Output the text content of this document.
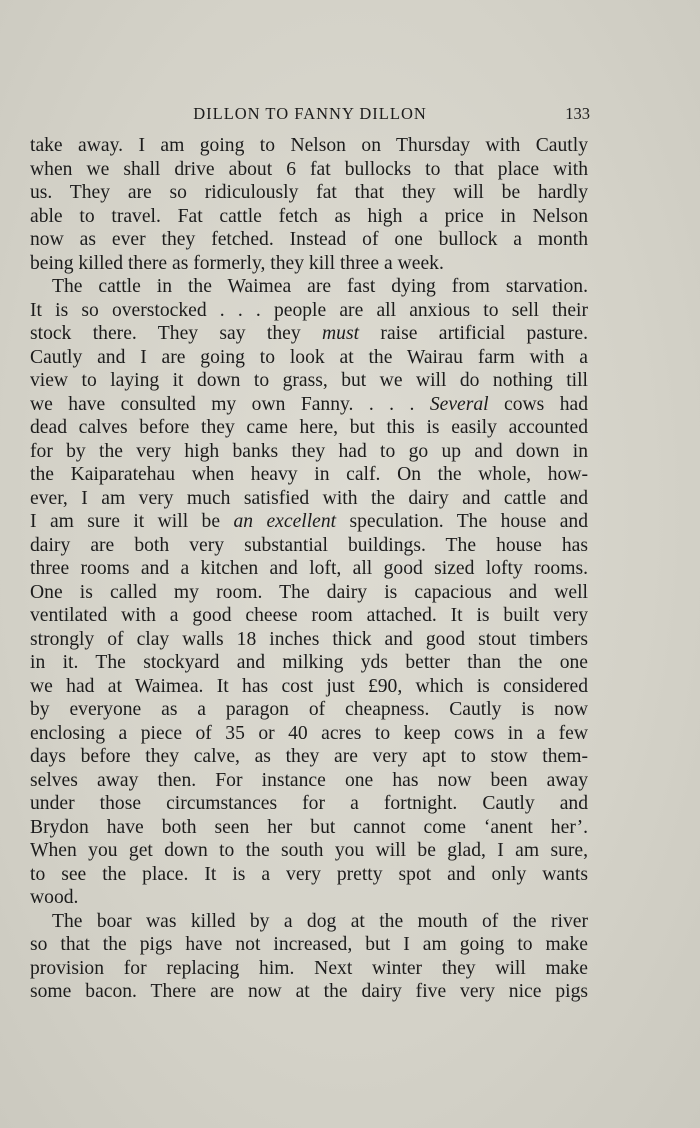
DILLON TO FANNY DILLON	133
take away. I am going to Nelson on Thursday with Cautly
when we shall drive about 6 fat bullocks to that place with
us. They are so ridiculously fat that they will be hardly
able to travel. Fat cattle fetch as high a price in Nelson
now as ever they fetched. Instead of one bullock a month
being killed there as formerly, they kill three a week.
The cattle in the Waimea are fast dying from starvation.
It is so overstocked . . . people are all anxious to sell their
stock there. They say they must raise artificial pasture.
Cautly and I are going to look at the Wairau farm with a
view to laying it down to grass, but we will do nothing till
we have consulted my own Fanny. . . . Several cows had
dead calves before they came here, but this is easily accounted
for by the very high banks they had to go up and down in
the Kaiparatehau when heavy in calf. On the whole, how-
ever, I am very much satisfied with the dairy and cattle and
I am sure it will be an excellent speculation. The house and
dairy are both very substantial buildings. The house has
three rooms and a kitchen and loft, all good sized lofty rooms.
One is called my room. The dairy is capacious and well
ventilated with a good cheese room attached. It is built very
strongly of clay walls 18 inches thick and good stout timbers
in it. The stockyard and milking yds better than the one
we had at Waimea. It has cost just £90, which is considered
by everyone as a paragon of cheapness. Cautly is now
enclosing a piece of 35 or 40 acres to keep cows in a few
days before they calve, as they are very apt to stow them-
selves away then. For instance one has now been away
under those circumstances for a fortnight. Cautly and
Brydon have both seen her but cannot come ‘anent her’.
When you get down to the south you will be glad, I am sure,
to see the place. It is a very pretty spot and only wants
wood.
The boar was killed by a dog at the mouth of the river
so that the pigs have not increased, but I am going to make
provision for replacing him. Next winter they will make
some bacon. There are now at the dairy five very nice pigs
